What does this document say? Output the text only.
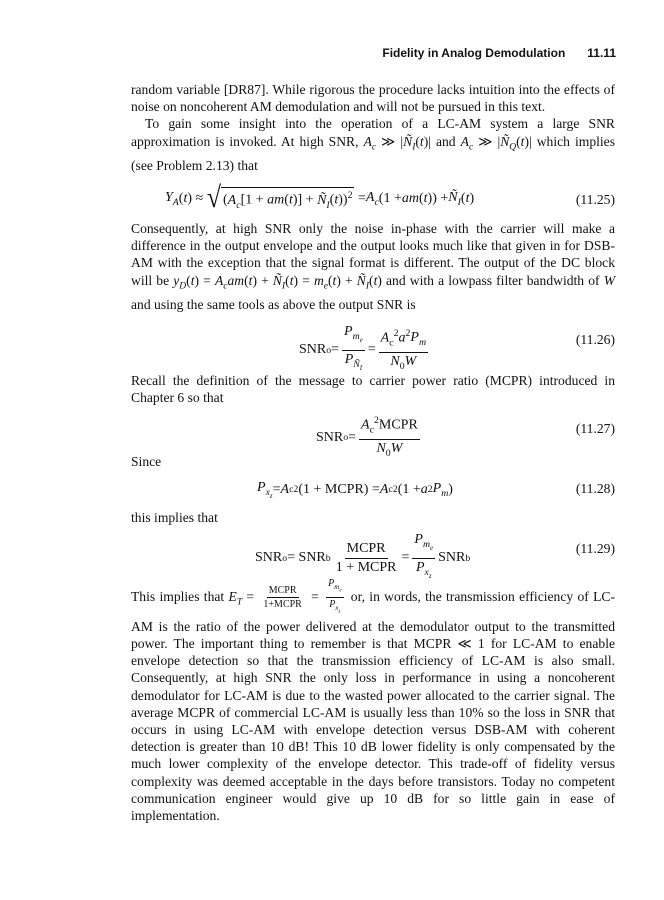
Fidelity in Analog Demodulation 11.11

random variable [DR87]. While rigorous the procedure lacks intuition into the effects of noise on noncoherent AM demodulation and will not be pursued in this text.

To gain some insight into the operation of a LC-AM system a large SNR approximation is invoked. At high SNR, $A_c$ ≫ $|Ñ_I(t)|$ and $A_c$ ≫ $|Ñ_Q(t)|$ which implies (see Problem 2.13) that

$Y_A$ ( t ) ≈ √ ($A_c[1 + am(t)]$ + $Ñ_I(t))^2 = A_c$ (1 + am ( t )) + $Ñ_I$ ( t )	(11.25)

Consequently, at high SNR only the noise in-phase with the carrier will make a difference in the output envelope and the output looks much like that given in for DSB-AM with the exception that the signal format is different. The output of the DC block will be $y_D(t) = A_cam(t)$ + $Ñ_I(t) = m_e(t)$ + $Ñ_I(t)$ and with a lowpass filter bandwidth of W and using the same tools as above the output SNR is

SNR $o = \frac{P_{m_e}}{P_{Ñ_I}} = \frac{A_c^2a^2P_m}{N_0W}$	(11.26)

Recall the definition of the message to carrier power ratio (MCPR) introduced in Chapter 6 so that

SNR $o = \frac{A_c^2MCPR}{N_0W}$	(11.27)
Since
$P_{x_z} = A$ c 2 (1 + MCPR) = A c 2 (1 + a 2 $P_m$ )	(11.28)
this implies that
SNR o = SNR b $\frac{\text{MCPR}}{\text{1 + MCPR}} = \frac{P_{m_e}}{P_{x_z}}$ SNR b
(11.29)

This implies that $E_T = \frac{\text{MCPR}}{\text{1+MCPR}} = \frac{P_{m_e}}{P_{x_z}}$ or, in words, the transmission efficiency of LC-AM is the ratio of the power delivered at the demodulator output to the transmitted power. The important thing to remember is that MCPR ≪ 1 for LC-AM to enable envelope detection so that the transmission efficiency of LC-AM is also small. Consequently, at high SNR the only loss in performance in using a noncoherent demodulator for LC-AM is due to the wasted power allocated to the carrier signal. The average MCPR of commercial LC-AM is usually less than 10% so the loss in SNR that occurs in using LC-AM with envelope detection versus DSB-AM with coherent detection is greater than 10 dB! This 10 dB lower fidelity is only compensated by the much lower complexity of the envelope detector. This trade-off of fidelity versus complexity was deemed acceptable in the days before transistors. Today no competent communication engineer would give up 10 dB for so little gain in ease of implementation.
